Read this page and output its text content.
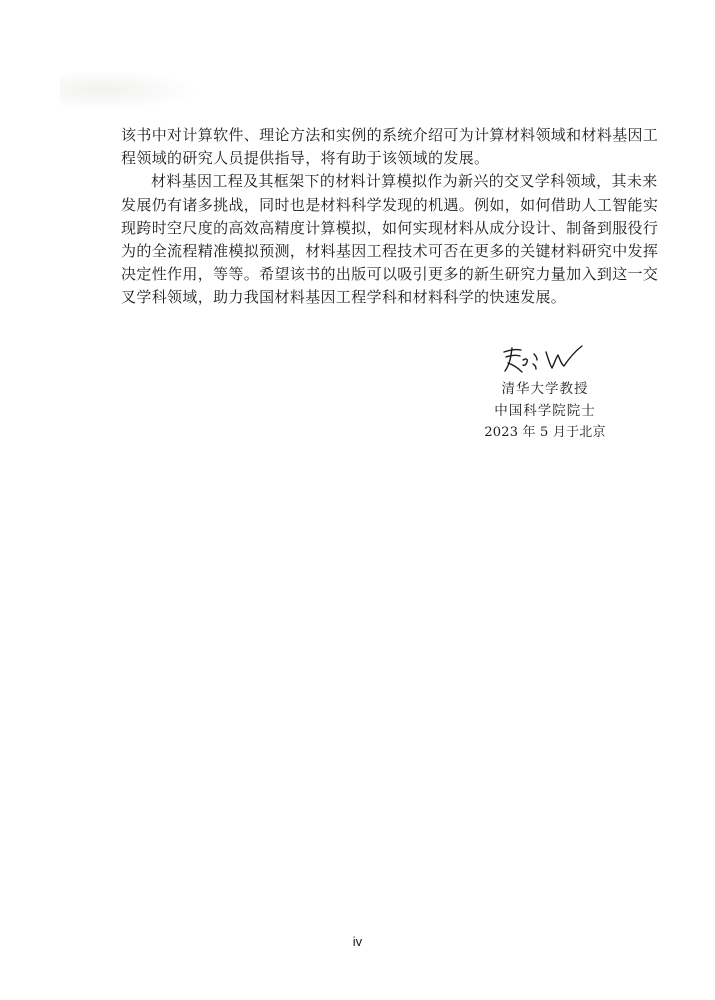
该书中对计算软件、理论方法和实例的系统介绍可为计算材料领域和材料基因工
程领域的研究人员提供指导，将有助于该领域的发展。
材料基因工程及其框架下的材料计算模拟作为新兴的交叉学科领域，其未来
发展仍有诸多挑战，同时也是材料科学发现的机遇。例如，如何借助人工智能实
现跨时空尺度的高效高精度计算模拟，如何实现材料从成分设计、制备到服役行
为的全流程精准模拟预测，材料基因工程技术可否在更多的关键材料研究中发挥
决定性作用，等等。希望该书的出版可以吸引更多的新生研究力量加入到这一交
叉学科领域，助力我国材料基因工程学科和材料科学的快速发展。
清华大学教授
中国科学院院士
2023 年 5 月于北京
iv
